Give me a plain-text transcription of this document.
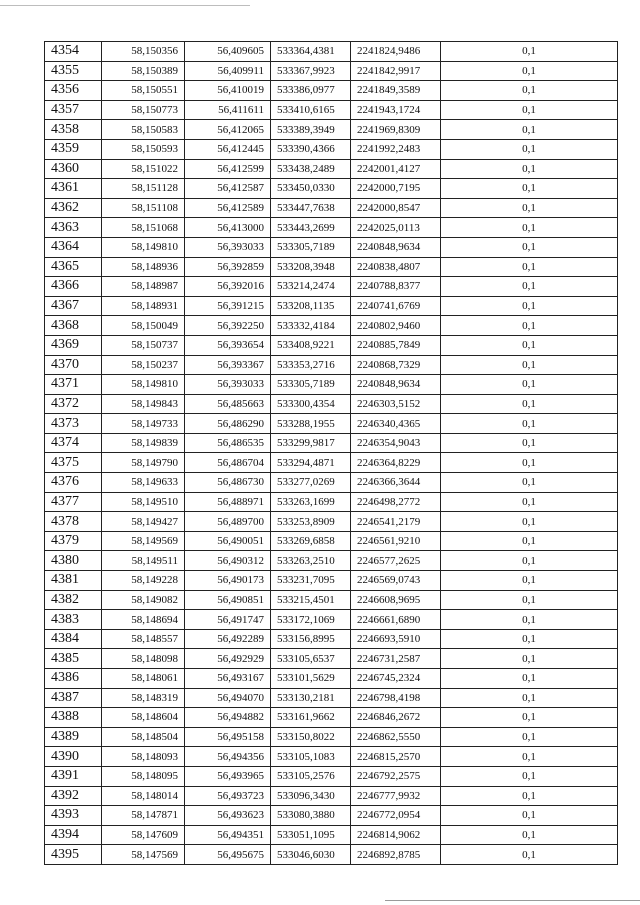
4354	58,150356	56,409605	533364,4381	2241824,9486	0,1
4355	58,150389	56,409911	533367,9923	2241842,9917	0,1
4356	58,150551	56,410019	533386,0977	2241849,3589	0,1
4357	58,150773	56,411611	533410,6165	2241943,1724	0,1
4358	58,150583	56,412065	533389,3949	2241969,8309	0,1
4359	58,150593	56,412445	533390,4366	2241992,2483	0,1
4360	58,151022	56,412599	533438,2489	2242001,4127	0,1
4361	58,151128	56,412587	533450,0330	2242000,7195	0,1
4362	58,151108	56,412589	533447,7638	2242000,8547	0,1
4363	58,151068	56,413000	533443,2699	2242025,0113	0,1
4364	58,149810	56,393033	533305,7189	2240848,9634	0,1
4365	58,148936	56,392859	533208,3948	2240838,4807	0,1
4366	58,148987	56,392016	533214,2474	2240788,8377	0,1
4367	58,148931	56,391215	533208,1135	2240741,6769	0,1
4368	58,150049	56,392250	533332,4184	2240802,9460	0,1
4369	58,150737	56,393654	533408,9221	2240885,7849	0,1
4370	58,150237	56,393367	533353,2716	2240868,7329	0,1
4371	58,149810	56,393033	533305,7189	2240848,9634	0,1
4372	58,149843	56,485663	533300,4354	2246303,5152	0,1
4373	58,149733	56,486290	533288,1955	2246340,4365	0,1
4374	58,149839	56,486535	533299,9817	2246354,9043	0,1
4375	58,149790	56,486704	533294,4871	2246364,8229	0,1
4376	58,149633	56,486730	533277,0269	2246366,3644	0,1
4377	58,149510	56,488971	533263,1699	2246498,2772	0,1
4378	58,149427	56,489700	533253,8909	2246541,2179	0,1
4379	58,149569	56,490051	533269,6858	2246561,9210	0,1
4380	58,149511	56,490312	533263,2510	2246577,2625	0,1
4381	58,149228	56,490173	533231,7095	2246569,0743	0,1
4382	58,149082	56,490851	533215,4501	2246608,9695	0,1
4383	58,148694	56,491747	533172,1069	2246661,6890	0,1
4384	58,148557	56,492289	533156,8995	2246693,5910	0,1
4385	58,148098	56,492929	533105,6537	2246731,2587	0,1
4386	58,148061	56,493167	533101,5629	2246745,2324	0,1
4387	58,148319	56,494070	533130,2181	2246798,4198	0,1
4388	58,148604	56,494882	533161,9662	2246846,2672	0,1
4389	58,148504	56,495158	533150,8022	2246862,5550	0,1
4390	58,148093	56,494356	533105,1083	2246815,2570	0,1
4391	58,148095	56,493965	533105,2576	2246792,2575	0,1
4392	58,148014	56,493723	533096,3430	2246777,9932	0,1
4393	58,147871	56,493623	533080,3880	2246772,0954	0,1
4394	58,147609	56,494351	533051,1095	2246814,9062	0,1
4395	58,147569	56,495675	533046,6030	2246892,8785	0,1
